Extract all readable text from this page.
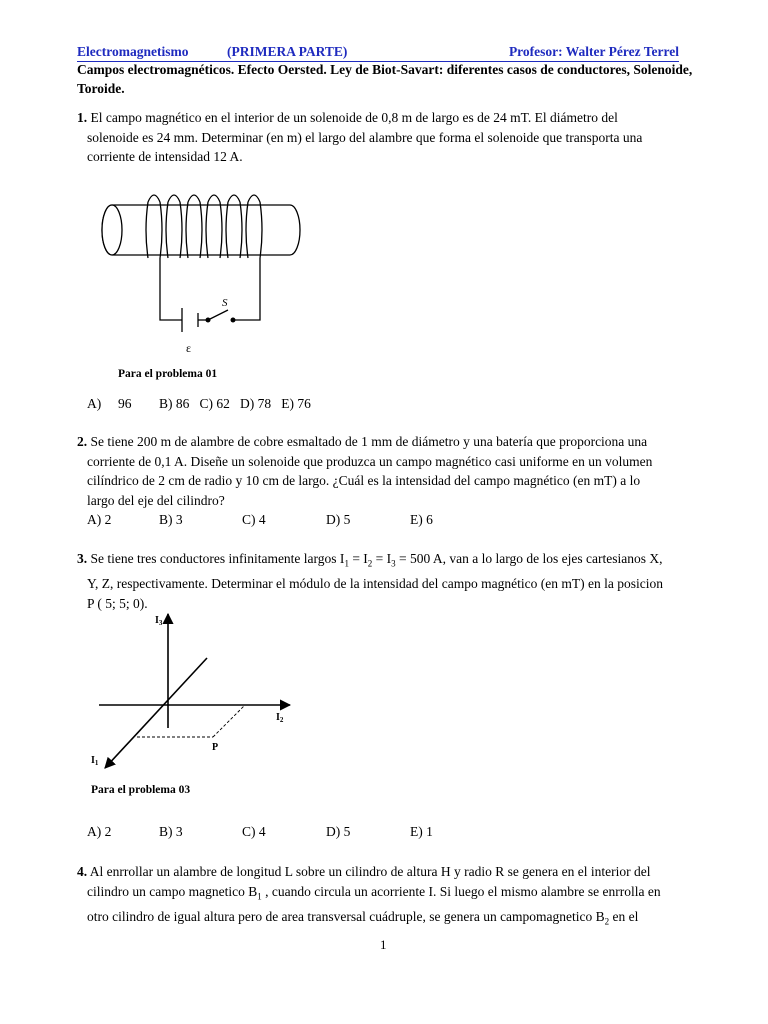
Electromagnetismo	(PRIMERA PARTE)	Profesor: Walter Pérez Terrel
Campos electromagnéticos. Efecto Oersted. Ley de Biot-Savart: diferentes casos de conductores, Solenoide, Toroide.
1. El campo magnético en el interior de un solenoide de 0,8 m de largo es de 24 mT. El diámetro del
solenoide es 24 mm. Determinar (en m) el largo del alambre que forma el solenoide que transporta una
corriente de intensidad 12 A.
S
ε
Para el problema 01
A) 96 B) 86   C) 62   D) 78   E) 76
2. Se tiene 200 m de alambre de cobre esmaltado de 1 mm de diámetro y una batería que proporciona una
corriente de 0,1 A. Diseñe un solenoide que produzca un campo magnético casi uniforme en un volumen
cilíndrico de 2 cm de radio y 10 cm de largo. ¿Cuál es la intensidad del campo magnético (en mT) a lo
largo del eje del cilindro?
A) 2	B) 3	C) 4	D) 5	E) 6
3. Se tiene tres conductores infinitamente largos $I_1 = I_2 = I_3 = 500$ A, van a lo largo de los ejes cartesianos X,
Y, Z, respectivamente. Determinar el módulo de la intensidad del campo magnético (en mT) en la posicion
P ( 5; 5; 0).
$I_3$
$I_2$
$I_1$
P
Para el problema 03
A) 2	B) 3	C) 4	D) 5	E) 1
4. Al enrrollar un alambre de longitud L sobre un cilindro de altura H y radio R se genera en el interior del
cilindro un campo magnetico $B_1$ , cuando circula un acorriente I. Si luego el mismo alambre se enrrolla en
otro cilindro de igual altura pero de area transversal cuádruple, se genera un campomagnetico $B_2$ en el
1
